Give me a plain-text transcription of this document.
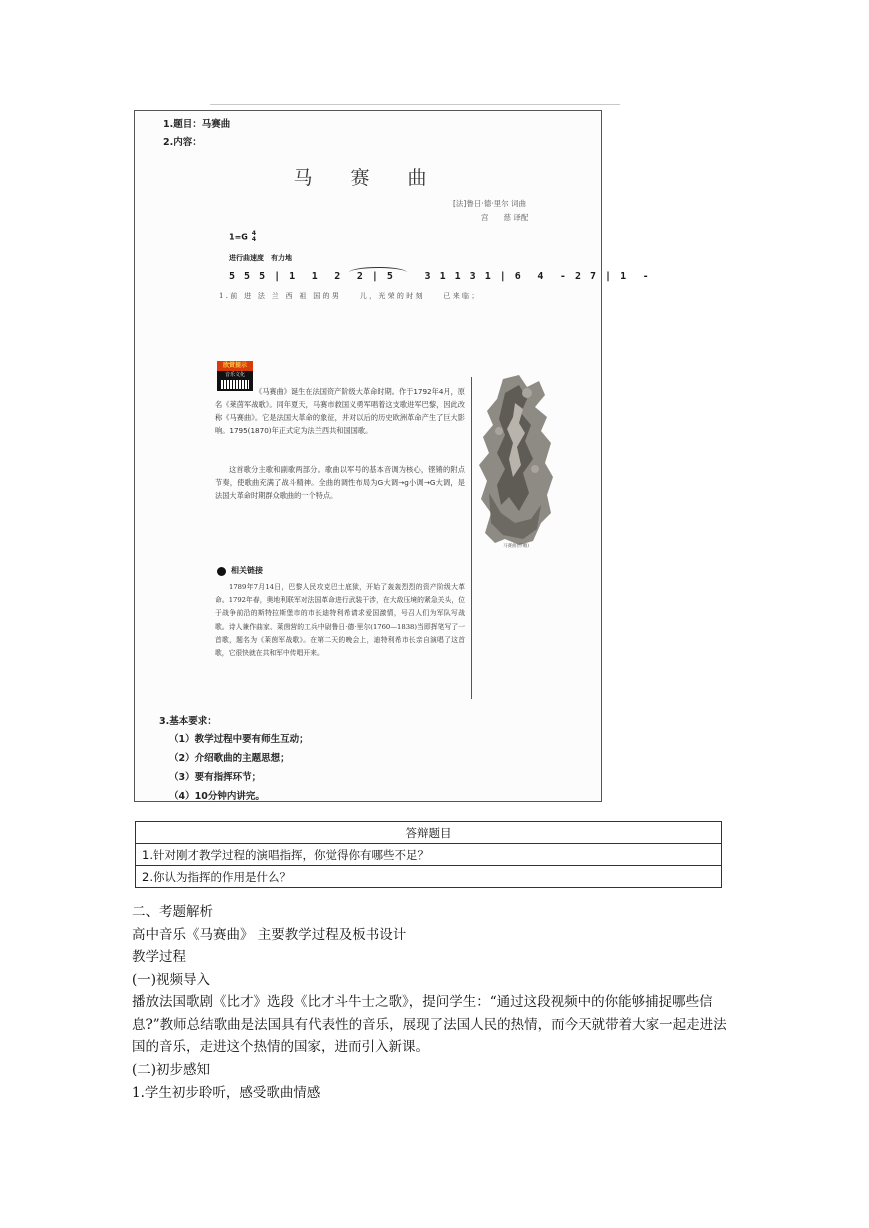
1.题目：马赛曲
2.内容：
马 赛 曲
[法]鲁日·德·里尔 词曲
宫　　慈 译配
1=G 4
4
进行曲速度　有力地
5 5 5 | 1  1  2  2 | 5    3 1 1 3 1 | 6  4  - 2 7 | 1  -
1.前 进 法 兰 西 祖 国的男　　儿，光荣的时刻　　已来临；
欣赏提示
音乐文化
《马赛曲》诞生在法国资产阶级大革命时期。作于1792年4月，原名《莱茵军战歌》。同年夏天，马赛市救国义勇军唱着这支歌进军巴黎，因此改称《马赛曲》。它是法国大革命的象征，并对以后的历史欧洲革命产生了巨大影响。1795(1870)年正式定为法兰西共和国国歌。
这首歌分主歌和副歌两部分。歌曲以军号的基本音调为核心，铿锵的附点节奏，使歌曲充满了战斗精神。全曲的调性布局为G大调→g小调→G大调，是法国大革命时期群众歌曲的一个特点。
马赛曲(浮雕)
相关链接
1789年7月14日，巴黎人民攻克巴士底狱，开始了轰轰烈烈的资产阶级大革命。1792年春，奥地利联军对法国革命进行武装干涉，在大敌压境的紧急关头，位于战争前沿的斯特拉斯堡市的市长迪特利希请求爱国激情，号召人们为军队写战歌。诗人兼作曲家、莱茵营的工兵中尉鲁日·德·里尔(1760—1838)当即挥笔写了一首歌，题名为《莱茵军战歌》。在第二天的晚会上，迪特利希市长亲自演唱了这首歌，它很快就在共和军中传唱开来。
3.基本要求：
（1）教学过程中要有师生互动；
（2）介绍歌曲的主题思想；
（3）要有指挥环节；
（4）10分钟内讲完。
答辩题目
1.针对刚才教学过程的演唱指挥，你觉得你有哪些不足？
2.你认为指挥的作用是什么？
二、考题解析
高中音乐《马赛曲》 主要教学过程及板书设计
教学过程
(一)视频导入
播放法国歌剧《比才》选段《比才斗牛士之歌》，提问学生：“通过这段视频中的你能够捕捉哪些信息?”教师总结歌曲是法国具有代表性的音乐，展现了法国人民的热情，而今天就带着大家一起走进法国的音乐，走进这个热情的国家，进而引入新课。
(二)初步感知
1.学生初步聆听，感受歌曲情感
